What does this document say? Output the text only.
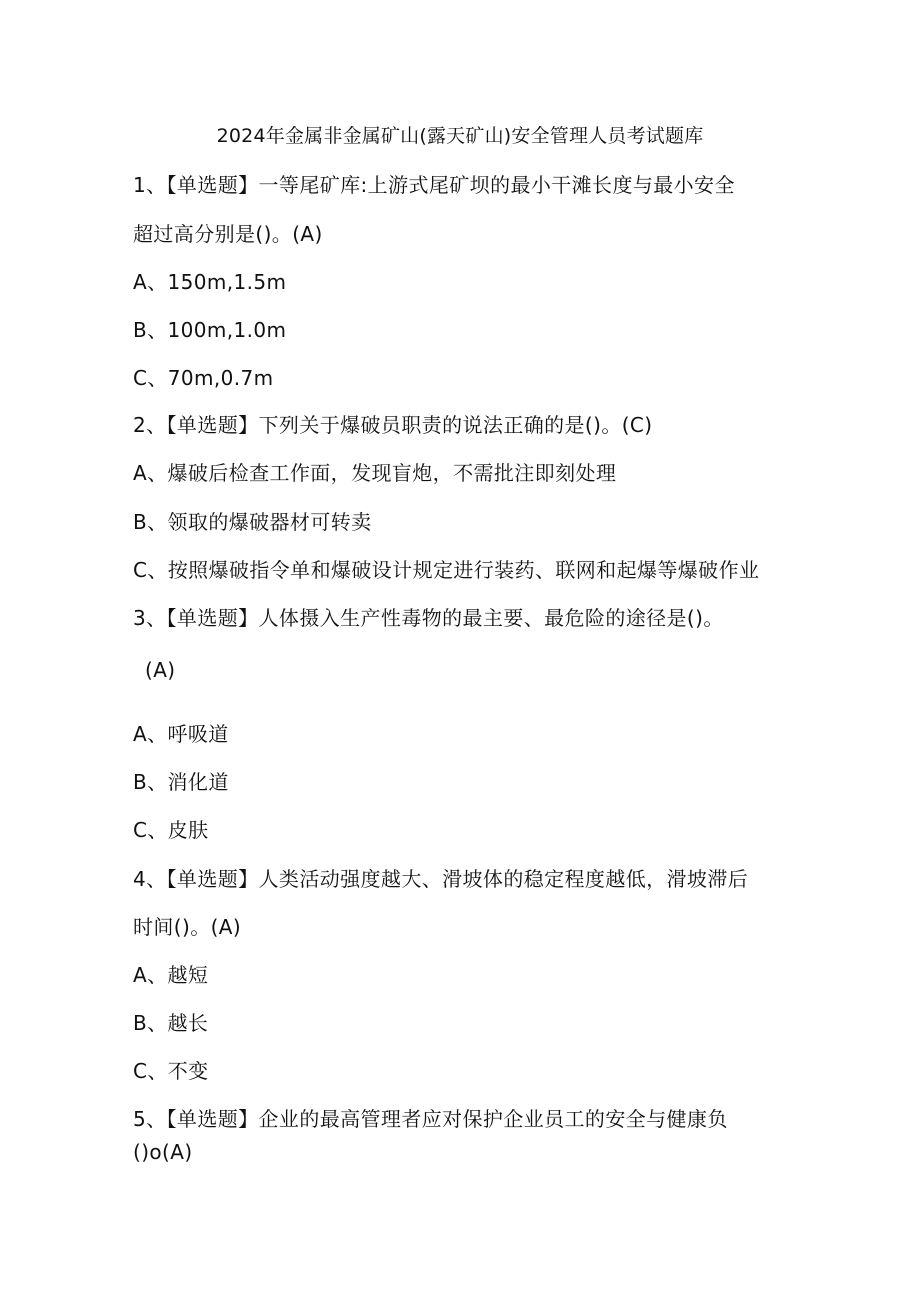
2024年金属非金属矿山(露天矿山)安全管理人员考试题库
1、【单选题】一等尾矿库:上游式尾矿坝的最小干滩长度与最小安全
超过高分别是()。(A)
A、150m,1.5m
B、100m,1.0m
C、70m,0.7m
2、【单选题】下列关于爆破员职责的说法正确的是()。(C)
A、爆破后检查工作面，发现盲炮，不需批注即刻处理
B、领取的爆破器材可转卖
C、按照爆破指令单和爆破设计规定进行装药、联网和起爆等爆破作业
3、【单选题】人体摄入生产性毒物的最主要、最危险的途径是()。
(A)
A、呼吸道
B、消化道
C、皮肤
4、【单选题】人类活动强度越大、滑坡体的稳定程度越低，滑坡滞后
时间()。(A)
A、越短
B、越长
C、不变
5、【单选题】企业的最高管理者应对保护企业员工的安全与健康负
()o(A)
